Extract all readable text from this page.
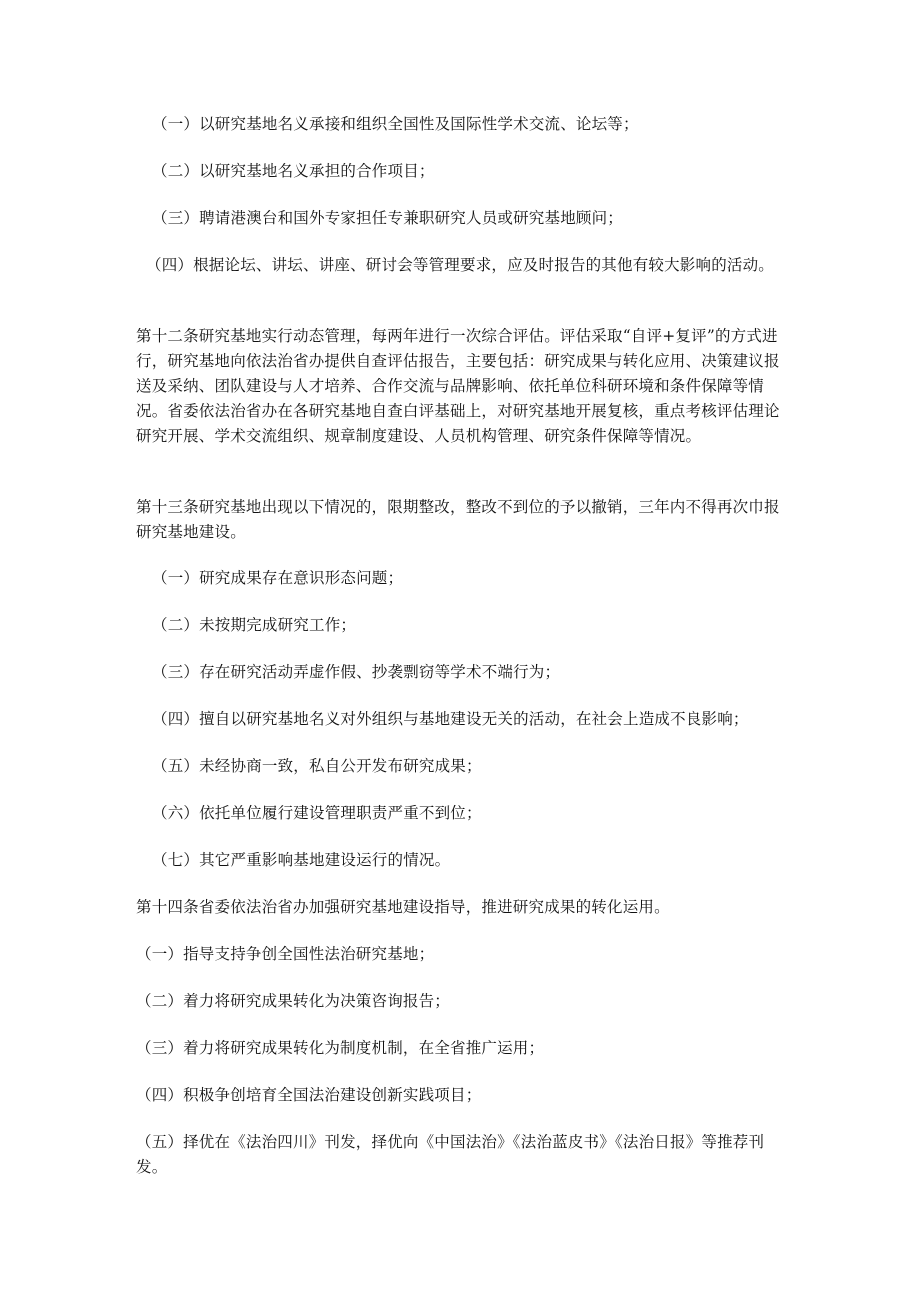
（一）以研究基地名义承接和组织全国性及国际性学术交流、论坛等；
（二）以研究基地名义承担的合作项目；
（三）聘请港澳台和国外专家担任专兼职研究人员或研究基地顾问；
（四）根据论坛、讲坛、讲座、研讨会等管理要求，应及时报告的其他有较大影响的活动。
第十二条研究基地实行动态管理，每两年进行一次综合评估。评估采取“自评+复评”的方式进行，研究基地向依法治省办提供自查评估报告，主要包括：研究成果与转化应用、决策建议报送及采纳、团队建设与人才培养、合作交流与品牌影响、依托单位科研环境和条件保障等情况。省委依法治省办在各研究基地自查白评基础上，对研究基地开展复核，重点考核评估理论研究开展、学术交流组织、规章制度建设、人员机构管理、研究条件保障等情况。
第十三条研究基地出现以下情况的，限期整改，整改不到位的予以撤销，三年内不得再次巾报研究基地建设。
（一）研究成果存在意识形态问题；
（二）未按期完成研究工作；
（三）存在研究活动弄虚作假、抄袭剽窃等学术不端行为；
（四）擅自以研究基地名义对外组织与基地建设无关的活动，在社会上造成不良影响；
（五）未经协商一致，私自公开发布研究成果；
（六）依托单位履行建设管理职责严重不到位；
（七）其它严重影响基地建设运行的情况。
第十四条省委依法治省办加强研究基地建设指导，推进研究成果的转化运用。
（一）指导支持争创全国性法治研究基地；
（二）着力将研究成果转化为决策咨询报告；
（三）着力将研究成果转化为制度机制，在全省推广运用；
（四）积极争创培育全国法治建设创新实践项目；
（五）择优在《法治四川》刊发，择优向《中国法治》《法治蓝皮书》《法治日报》等推荐刊发。
